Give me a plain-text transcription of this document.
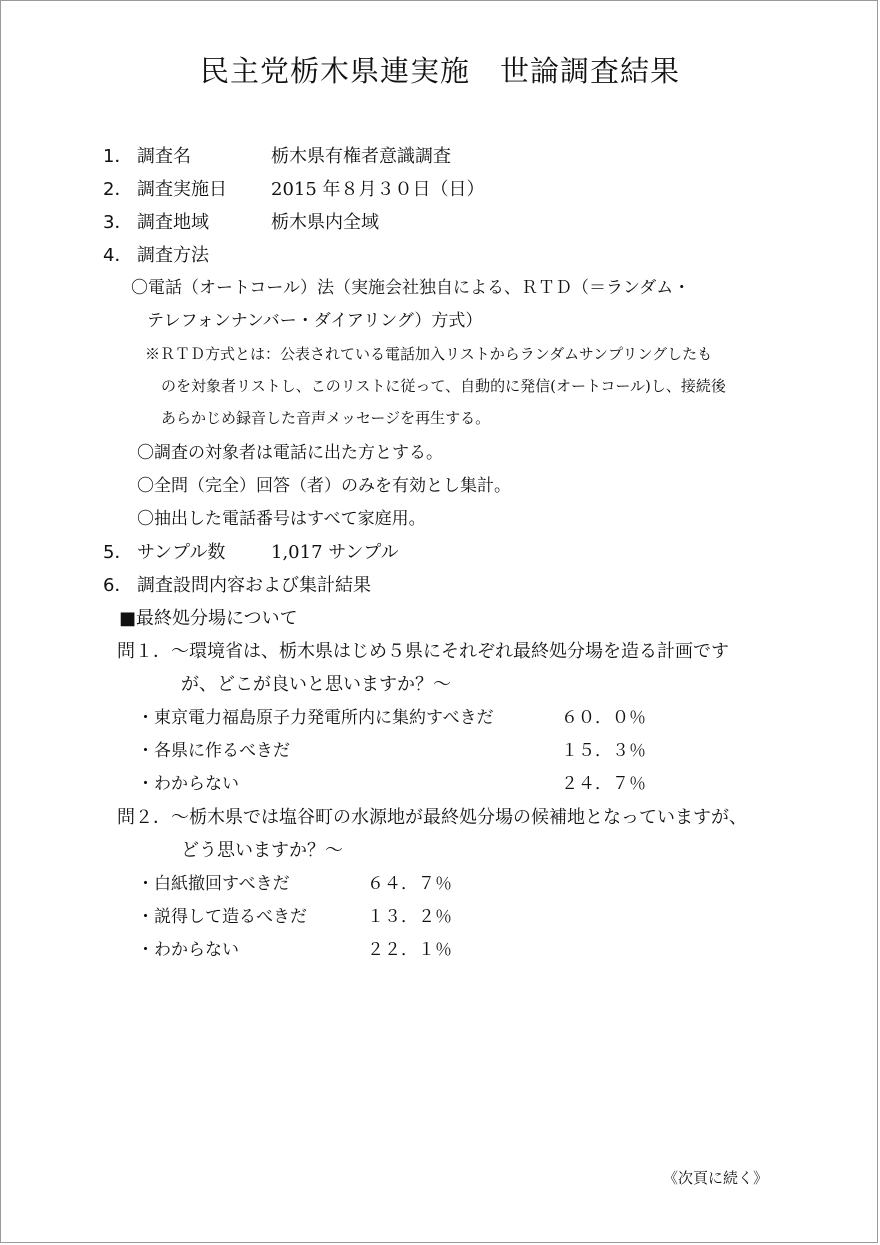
民主党栃木県連実施　世論調査結果
1． 調査名	栃木県有権者意識調査
2． 調査実施日 2015 年８月３０日（日）
3． 調査地域	栃木県内全域
4． 調査方法
〇電話（オートコール）法（実施会社独自による、ＲＴＤ（＝ランダム・
テレフォンナンバー・ダイアリング）方式）
※ＲＴＤ方式とは：公表されている電話加入リストからランダムサンプリングしたも
のを対象者リストし、このリストに従って、自動的に発信(オートコール)し、接続後
あらかじめ録音した音声メッセージを再生する。
〇調査の対象者は電話に出た方とする。
〇全問（完全）回答（者）のみを有効とし集計。
〇抽出した電話番号はすべて家庭用。
5． サンプル数	1,017 サンプル
6． 調査設問内容および集計結果
■最終処分場について
問１．～環境省は、栃木県はじめ５県にそれぞれ最終処分場を造る計画です
が、どこが良いと思いますか？～
・東京電力福島原子力発電所内に集約すべきだ	６０．０％
・各県に作るべきだ	１５．３％
・わからない	２４．７％
問２．～栃木県では塩谷町の水源地が最終処分場の候補地となっていますが、
どう思いますか？～
・白紙撤回すべきだ	６４．７％
・説得して造るべきだ	１３．２％
・わからない	２２．１％
《次頁に続く》
